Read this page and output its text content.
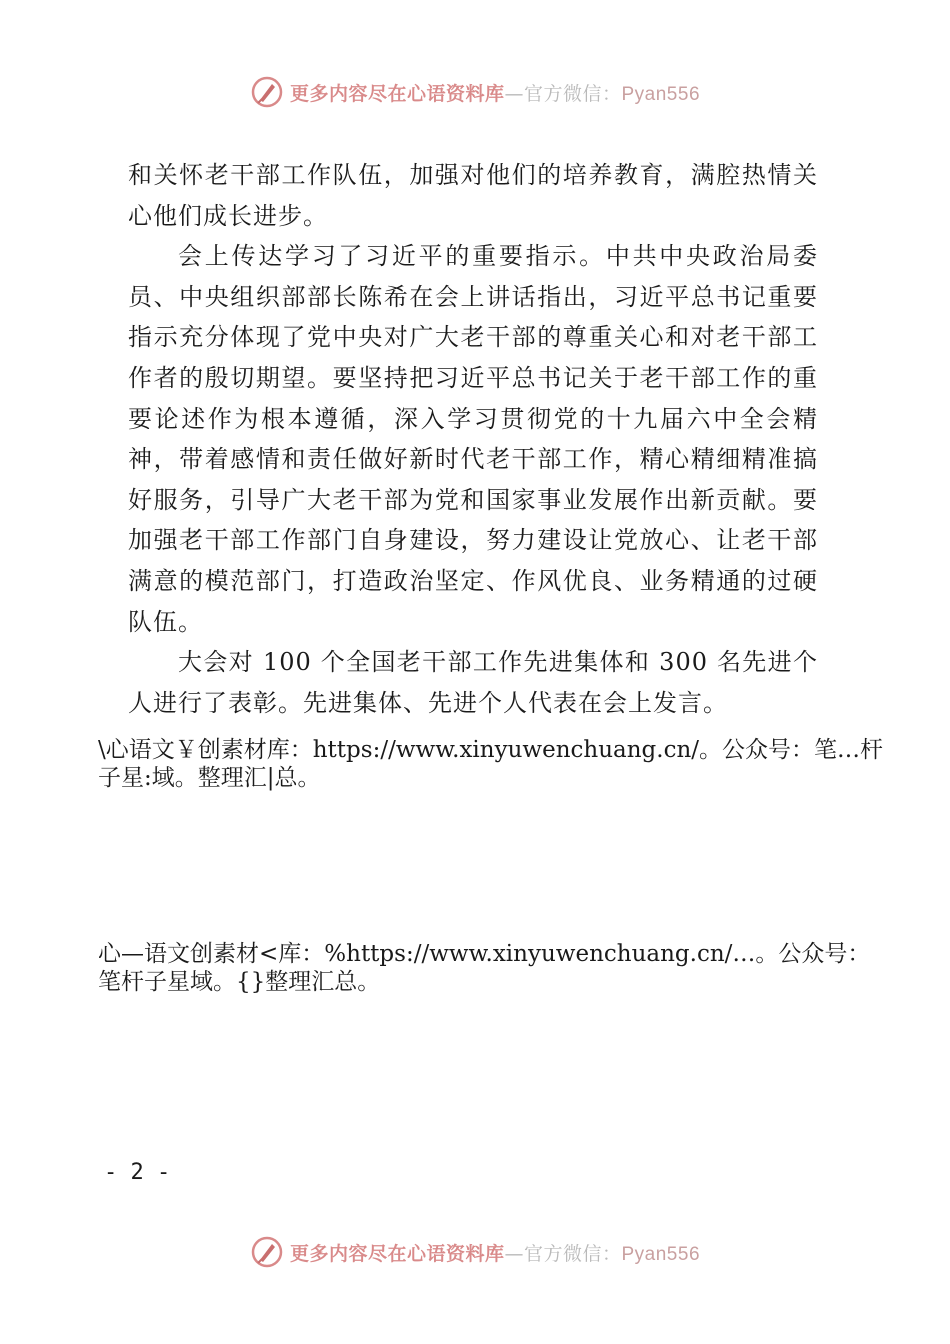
更多内容尽在心语资料库—官方微信：Pyan556

和关怀老干部工作队伍，加强对他们的培养教育，满腔热情关心他们成长进步。

会上传达学习了习近平的重要指示。中共中央政治局委员、中央组织部部长陈希在会上讲话指出，习近平总书记重要指示充分体现了党中央对广大老干部的尊重关心和对老干部工作者的殷切期望。要坚持把习近平总书记关于老干部工作的重要论述作为根本遵循，深入学习贯彻党的十九届六中全会精神，带着感情和责任做好新时代老干部工作，精心精细精准搞好服务，引导广大老干部为党和国家事业发展作出新贡献。要加强老干部工作部门自身建设，努力建设让党放心、让老干部满意的模范部门，打造政治坚定、作风优良、业务精通的过硬队伍。

大会对 100 个全国老干部工作先进集体和 300 名先进个人进行了表彰。先进集体、先进个人代表在会上发言。

\心语文￥创素材库：https://www.xinyuwenchuang.cn/。公众号：笔…杆子星:域。整理汇|总。
心—语文创素材<库：%https://www.xinyuwenchuang.cn/…。公众号：笔杆子星域。{}整理汇总。
- 2 -
更多内容尽在心语资料库—官方微信：Pyan556
